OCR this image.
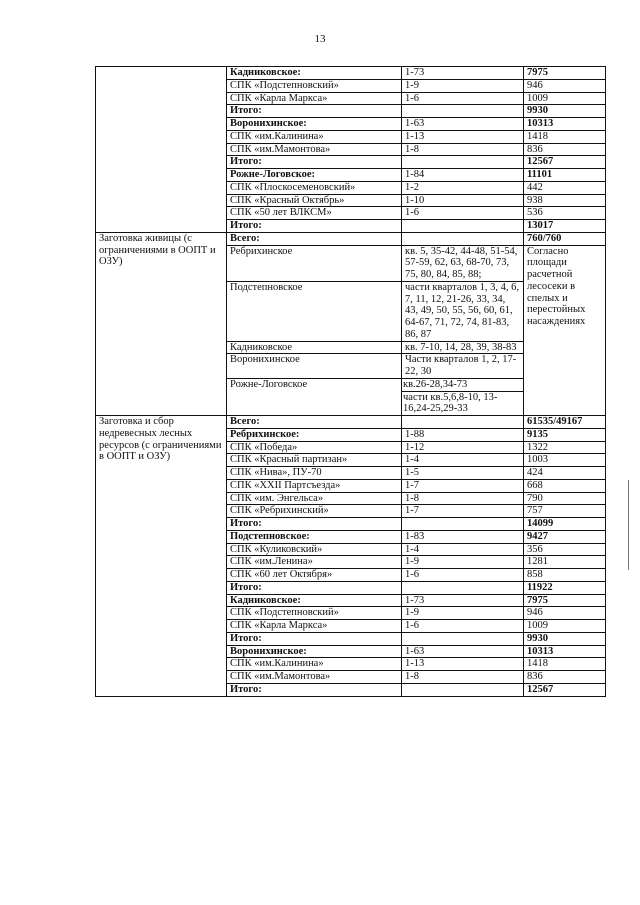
13
	Кадниковское:	1-73	7975
	СПК «Подстепновский»	1-9	946
	СПК «Карла Маркса»	1-6	1009
	Итого:		9930
	Воронихинское:	1-63	10313
	СПК «им.Калинина»	1-13	1418
	СПК «им.Мамонтова»	1-8	836
	Итого:		12567
	Рожне-Логовское:	1-84	11101
	СПК «Плоскосеменовский»	1-2	442
	СПК «Красный Октябрь»	1-10	938
	СПК «50 лет ВЛКСМ»	1-6	536
	Итого:		13017
Заготовка живицы (с ограничениями в ООПТ и ОЗУ)	Всего:		760/760
	Ребрихинское	кв. 5, 35-42, 44-48, 51-54, 57-59, 62, 63, 68-70, 73, 75, 80, 84, 85, 88;	Согласно площади расчетной лесосеки в спелых и перестойных насаждениях
	Подстепновское	части кварталов 1, 3, 4, 6, 7, 11, 12, 21-26, 33, 34, 43, 49, 50, 55, 56, 60, 61, 64-67, 71, 72, 74, 81-83, 86, 87	
	Кадниковское	кв. 7-10, 14, 28, 39, 38-83	
	Воронихинское	Части кварталов 1, 2, 17-22, 30	
	Рожне-Логовское	кв.26-28,34-73
части кв.5,6,8-10, 13-16,24-25,29-33	

Заготовка и сбор недревесных лесных ресурсов (с ограничениями в ООПТ и ОЗУ)	Всего:		61535/49167
	Ребрихинское:	1-88	9135
	СПК «Победа»	1-12	1322
	СПК «Красный партизан»	1-4	1003
	СПК «Нива», ПУ-70	1-5	424
	СПК «XXII Партсъезда»	1-7	668
	СПК «им. Энгельса»	1-8	790
	СПК «Ребрихинский»	1-7	757
	Итого:		14099
	Подстепновское:	1-83	9427
	СПК «Куликовский»	1-4	356
	СПК «им.Ленина»	1-9	1281
	СПК «60 лет Октября»	1-6	858
	Итого:		11922
	Кадниковское:	1-73	7975
	СПК «Подстепновский»	1-9	946
	СПК «Карла Маркса»	1-6	1009
	Итого:		9930
	Воронихинское:	1-63	10313
	СПК «им.Калинина»	1-13	1418
	СПК «им.Мамонтова»	1-8	836
	Итого:		12567
